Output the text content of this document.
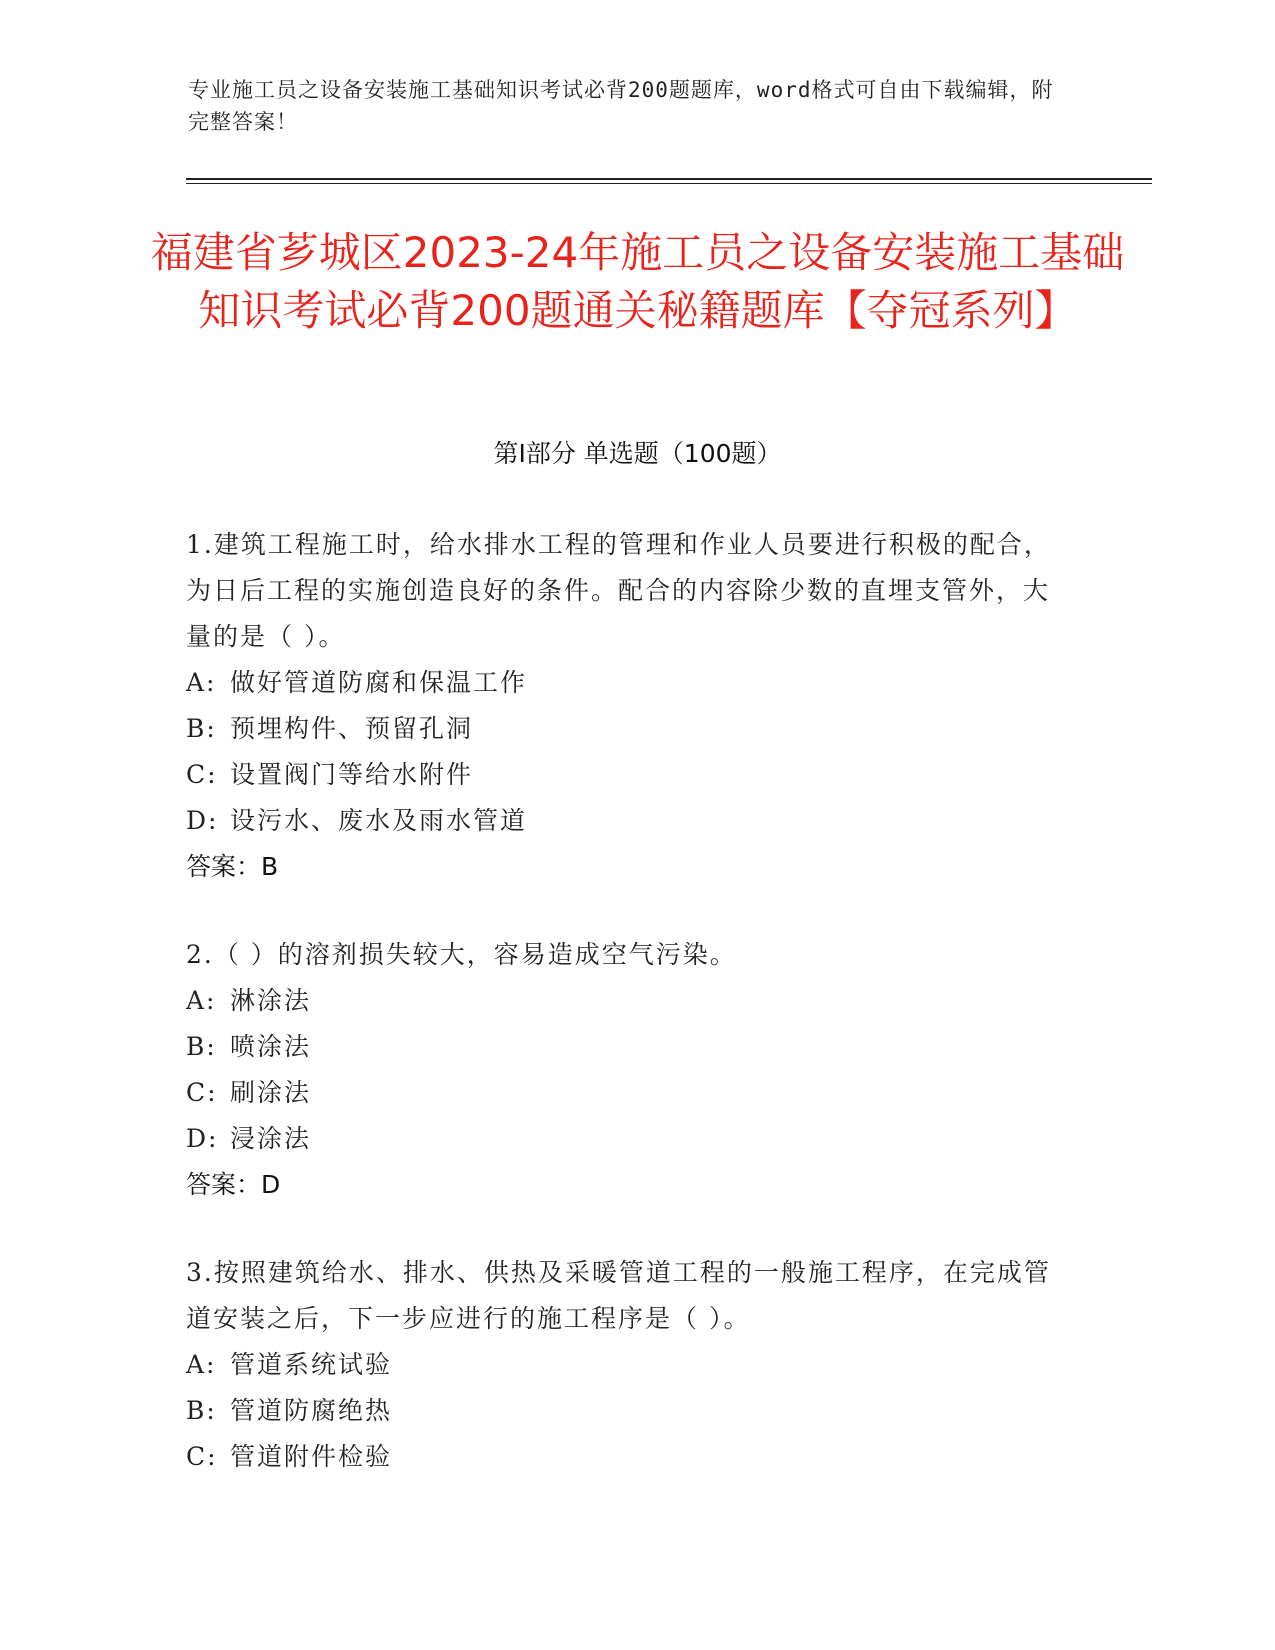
专业施工员之设备安装施工基础知识考试必背200题题库，word格式可自由下载编辑，附完整答案！
福建省芗城区2023-24年施工员之设备安装施工基础知识考试必背200题通关秘籍题库【夺冠系列】
第I部分 单选题（100题）

1.建筑工程施工时，给水排水工程的管理和作业人员要进行积极的配合，为日后工程的实施创造良好的条件。配合的内容除少数的直埋支管外，大量的是（ ）。

A: 做好管道防腐和保温工作

B: 预埋构件、预留孔洞

C: 设置阀门等给水附件

D: 设污水、废水及雨水管道

答案：B

2.（ ）的溶剂损失较大，容易造成空气污染。

A: 淋涂法

B: 喷涂法

C: 刷涂法

D: 浸涂法

答案：D

3.按照建筑给水、排水、供热及采暖管道工程的一般施工程序，在完成管道安装之后，下一步应进行的施工程序是（ ）。

A: 管道系统试验

B: 管道防腐绝热

C: 管道附件检验
